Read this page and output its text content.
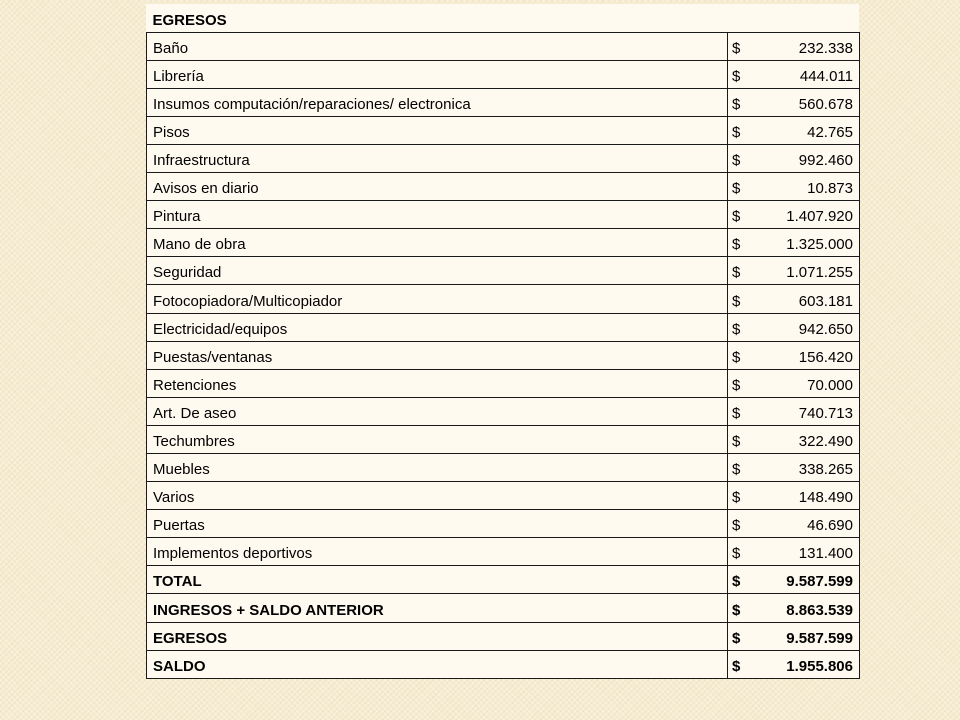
EGRESOS	
Baño	$ 232.338

Librería	$ 444.011

Insumos computación/reparaciones/ electronica	$ 560.678

Pisos	$ 42.765

Infraestructura	$ 992.460

Avisos en diario	$ 10.873

Pintura	$ 1.407.920

Mano de obra	$ 1.325.000

Seguridad	$ 1.071.255

Fotocopiadora/Multicopiador	$ 603.181

Electricidad/equipos	$ 942.650

Puestas/ventanas	$ 156.420

Retenciones	$ 70.000

Art. De aseo	$ 740.713

Techumbres	$ 322.490

Muebles	$ 338.265

Varios	$ 148.490

Puertas	$ 46.690

Implementos deportivos	$ 131.400

TOTAL	$ 9.587.599

INGRESOS + SALDO ANTERIOR	$ 8.863.539

EGRESOS	$ 9.587.599

SALDO	$ 1.955.806
